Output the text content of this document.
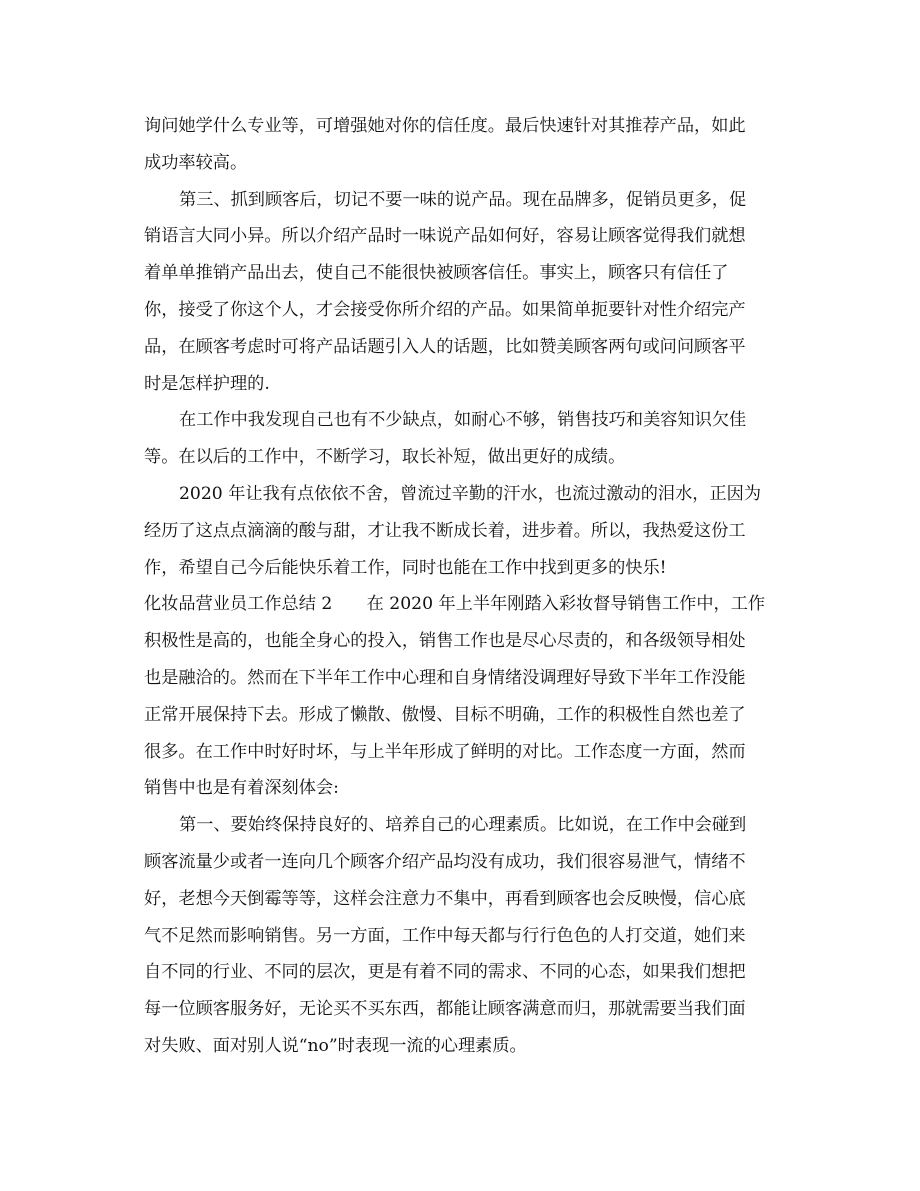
询问她学什么专业等，可增强她对你的信任度。最后快速针对其推荐产品，如此
成功率较高。
第三、抓到顾客后，切记不要一味的说产品。现在品牌多，促销员更多，促
销语言大同小异。所以介绍产品时一味说产品如何好，容易让顾客觉得我们就想
着单单推销产品出去，使自己不能很快被顾客信任。事实上，顾客只有信任了
你，接受了你这个人，才会接受你所介绍的产品。如果简单扼要针对性介绍完产
品，在顾客考虑时可将产品话题引入人的话题，比如赞美顾客两句或问问顾客平
时是怎样护理的.
在工作中我发现自己也有不少缺点，如耐心不够，销售技巧和美容知识欠佳
等。在以后的工作中，不断学习，取长补短，做出更好的成绩。
2020 年让我有点依依不舍，曾流过辛勤的汗水，也流过激动的泪水，正因为
经历了这点点滴滴的酸与甜，才让我不断成长着，进步着。所以，我热爱这份工
作，希望自己今后能快乐着工作，同时也能在工作中找到更多的快乐!
化妆品营业员工作总结 2　　在 2020 年上半年刚踏入彩妆督导销售工作中，工作
积极性是高的，也能全身心的投入，销售工作也是尽心尽责的，和各级领导相处
也是融洽的。然而在下半年工作中心理和自身情绪没调理好导致下半年工作没能
正常开展保持下去。形成了懒散、傲慢、目标不明确，工作的积极性自然也差了
很多。在工作中时好时坏，与上半年形成了鲜明的对比。工作态度一方面，然而
销售中也是有着深刻体会:
第一、要始终保持良好的、培养自己的心理素质。比如说，在工作中会碰到
顾客流量少或者一连向几个顾客介绍产品均没有成功，我们很容易泄气，情绪不
好，老想今天倒霉等等，这样会注意力不集中，再看到顾客也会反映慢，信心底
气不足然而影响销售。另一方面，工作中每天都与行行色色的人打交道，她们来
自不同的行业、不同的层次，更是有着不同的需求、不同的心态，如果我们想把
每一位顾客服务好，无论买不买东西，都能让顾客满意而归，那就需要当我们面
对失败、面对别人说“no”时表现一流的心理素质。
